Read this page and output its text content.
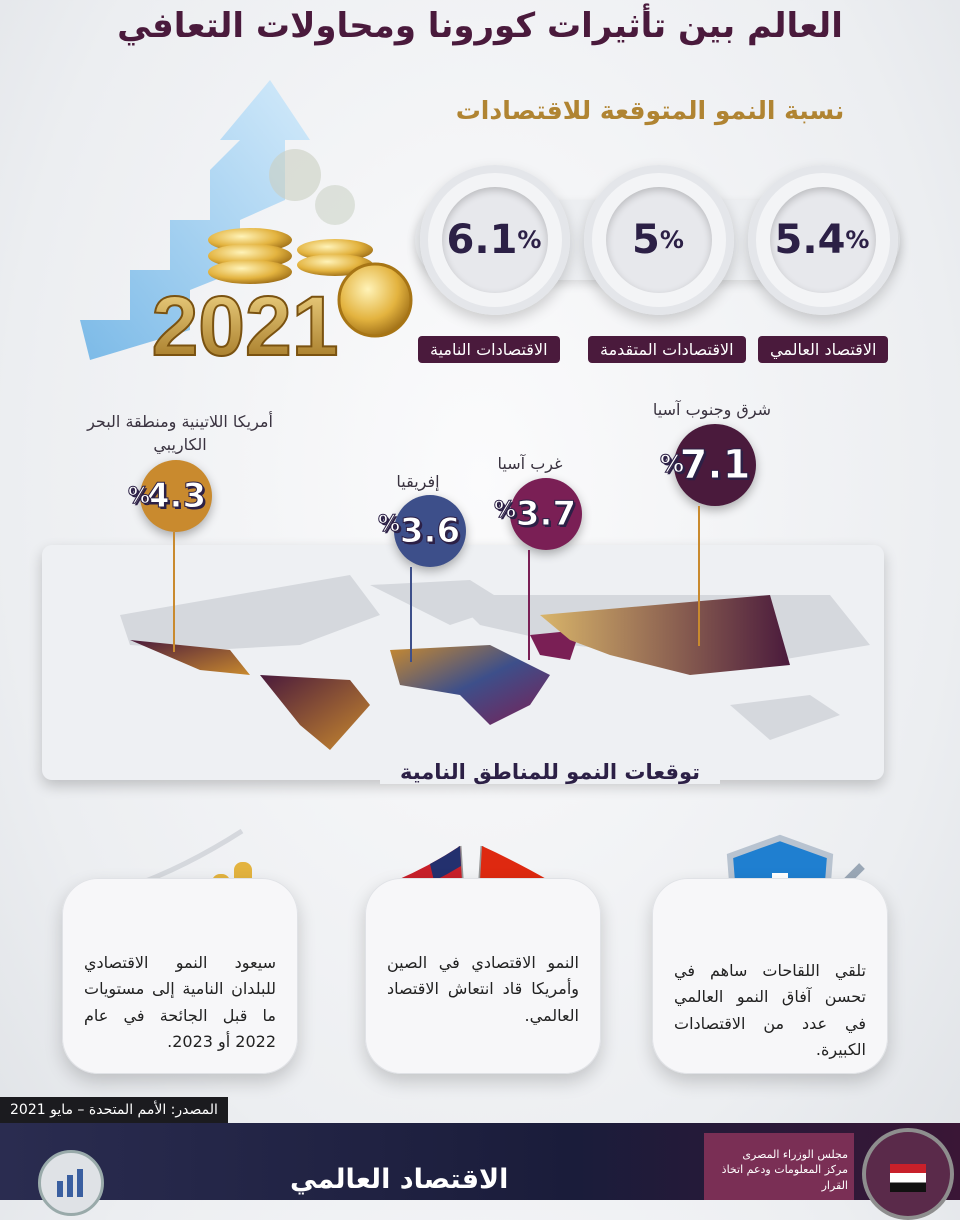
العالم بين تأثيرات كورونا ومحاولات التعافي
2021
نسبة النمو المتوقعة للاقتصادات
5.4 %
5 %
6.1 %
الاقتصاد العالمي
الاقتصادات المتقدمة
الاقتصادات النامية
شرق وجنوب آسيا
7.1
%
غرب آسيا
3.7
%
إفريقيا
3.6
%
أمريكا اللاتينية ومنطقة البحر الكاريبي
4.3
%
توقعات النمو للمناطق النامية
تلقي اللقاحات ساهم في تحسن آفاق النمو العالمي في عدد من الاقتصادات الكبيرة.
النمو الاقتصادي في الصين وأمريكا قاد انتعاش الاقتصاد العالمي.
سيعود النمو الاقتصادي للبلدان النامية إلى مستويات ما قبل الجائحة في عام 2022 أو 2023.
المصدر: الأمم المتحدة – مايو 2021
مجلس الوزراء المصرى
مركز المعلومات ودعم اتخاذ القرار
الاقتصاد العالمي
